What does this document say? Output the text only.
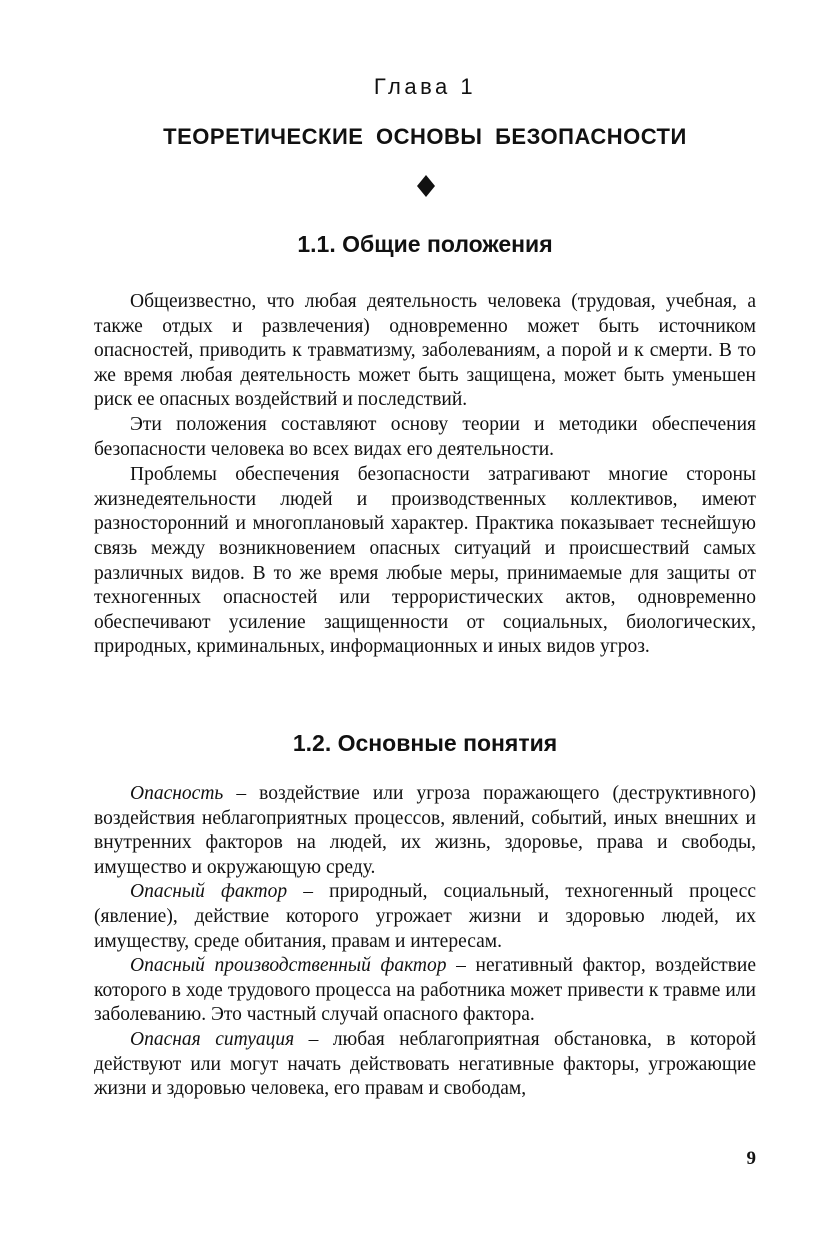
Глава 1
ТЕОРЕТИЧЕСКИЕ ОСНОВЫ БЕЗОПАСНОСТИ
1.1. Общие положения

Общеизвестно, что любая деятельность человека (трудовая, учебная, а также отдых и развлечения) одновременно может быть источником опасностей, приводить к травматизму, заболеваниям, а порой и к смерти. В то же время любая деятельность может быть защищена, может быть уменьшен риск ее опасных воздействий и последствий.

Эти положения составляют основу теории и методики обеспечения безопасности человека во всех видах его деятельности.

Проблемы обеспечения безопасности затрагивают многие стороны жизнедеятельности людей и производственных коллективов, имеют разносторонний и многоплановый характер. Практика показывает теснейшую связь между возникновением опасных ситуаций и происшествий самых различных видов. В то же время любые меры, принимаемые для защиты от техногенных опасностей или террористических актов, одновременно обеспечивают усиление защищенности от социальных, биологических, природных, криминальных, информационных и иных видов угроз.

1.2. Основные понятия

Опасность – воздействие или угроза поражающего (деструктивного) воздействия неблагоприятных процессов, явлений, событий, иных внешних и внутренних факторов на людей, их жизнь, здоровье, права и свободы, имущество и окружающую среду.

Опасный фактор – природный, социальный, техногенный процесс (явление), действие которого угрожает жизни и здоровью людей, их имуществу, среде обитания, правам и интересам.

Опасный производственный фактор – негативный фактор, воздействие которого в ходе трудового процесса на работника может привести к травме или заболеванию. Это частный случай опасного фактора.

Опасная ситуация – любая неблагоприятная обстановка, в которой действуют или могут начать действовать негативные факторы, угрожающие жизни и здоровью человека, его правам и свободам,

9
